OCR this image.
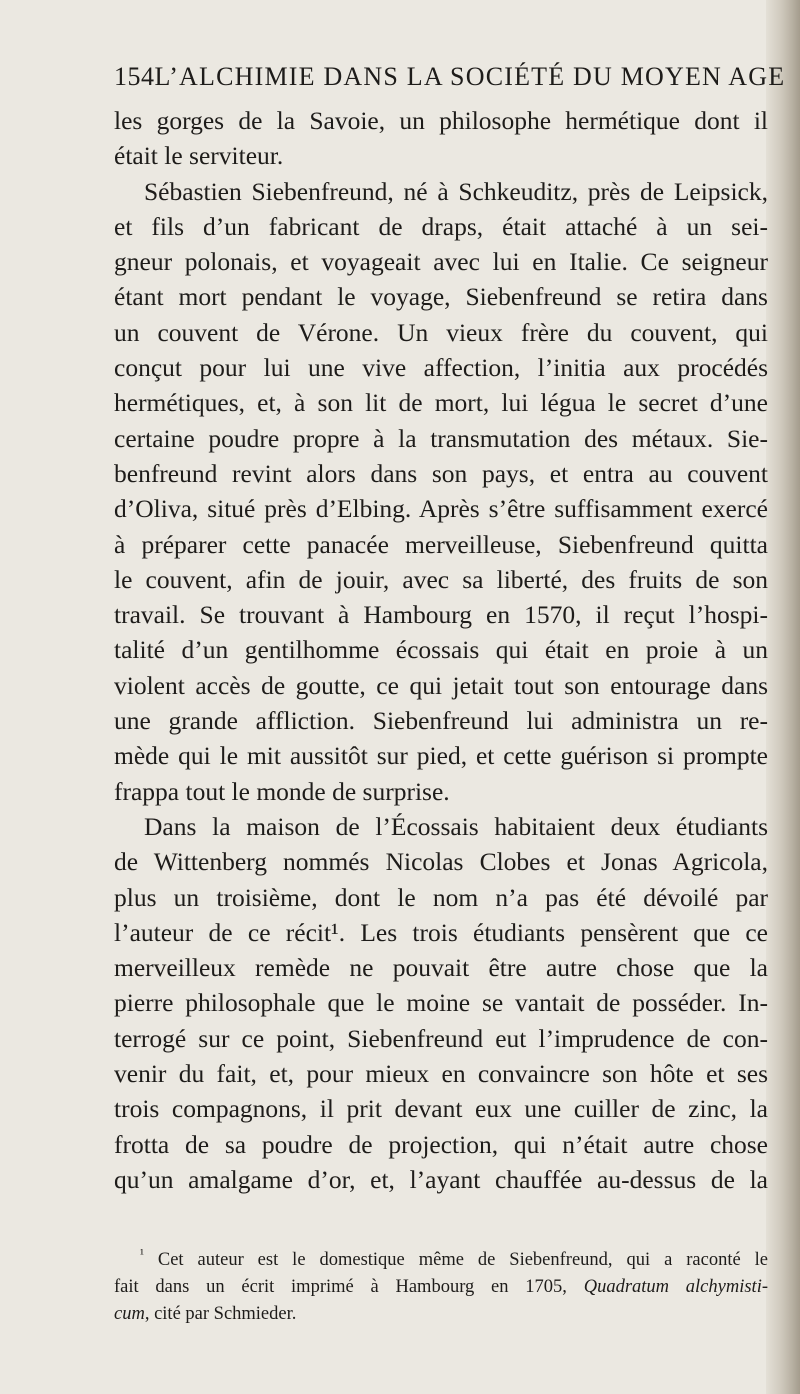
154 L’ALCHIMIE DANS LA SOCIÉTÉ DU MOYEN AGE
les gorges de la Savoie, un philosophe hermétique dont il
était le serviteur.
Sébastien Siebenfreund, né à Schkeuditz, près de Leipsick,
et fils d’un fabricant de draps, était attaché à un sei-
gneur polonais, et voyageait avec lui en Italie. Ce seigneur
étant mort pendant le voyage, Siebenfreund se retira dans
un couvent de Vérone. Un vieux frère du couvent, qui
conçut pour lui une vive affection, l’initia aux procédés
hermétiques, et, à son lit de mort, lui légua le secret d’une
certaine poudre propre à la transmutation des métaux. Sie-
benfreund revint alors dans son pays, et entra au couvent
d’Oliva, situé près d’Elbing. Après s’être suffisamment exercé
à préparer cette panacée merveilleuse, Siebenfreund quitta
le couvent, afin de jouir, avec sa liberté, des fruits de son
travail. Se trouvant à Hambourg en 1570, il reçut l’hospi-
talité d’un gentilhomme écossais qui était en proie à un
violent accès de goutte, ce qui jetait tout son entourage dans
une grande affliction. Siebenfreund lui administra un re-
mède qui le mit aussitôt sur pied, et cette guérison si prompte
frappa tout le monde de surprise.
Dans la maison de l’Écossais habitaient deux étudiants
de Wittenberg nommés Nicolas Clobes et Jonas Agricola,
plus un troisième, dont le nom n’a pas été dévoilé par
l’auteur de ce récit¹. Les trois étudiants pensèrent que ce
merveilleux remède ne pouvait être autre chose que la
pierre philosophale que le moine se vantait de posséder. In-
terrogé sur ce point, Siebenfreund eut l’imprudence de con-
venir du fait, et, pour mieux en convaincre son hôte et ses
trois compagnons, il prit devant eux une cuiller de zinc, la
frotta de sa poudre de projection, qui n’était autre chose
qu’un amalgame d’or, et, l’ayant chauffée au-dessus de la
$^{^1}$ Cet auteur est le domestique même de Siebenfreund, qui a raconté le
fait dans un écrit imprimé à Hambourg en 1705, Quadratum alchymisti-
cum, cité par Schmieder.
